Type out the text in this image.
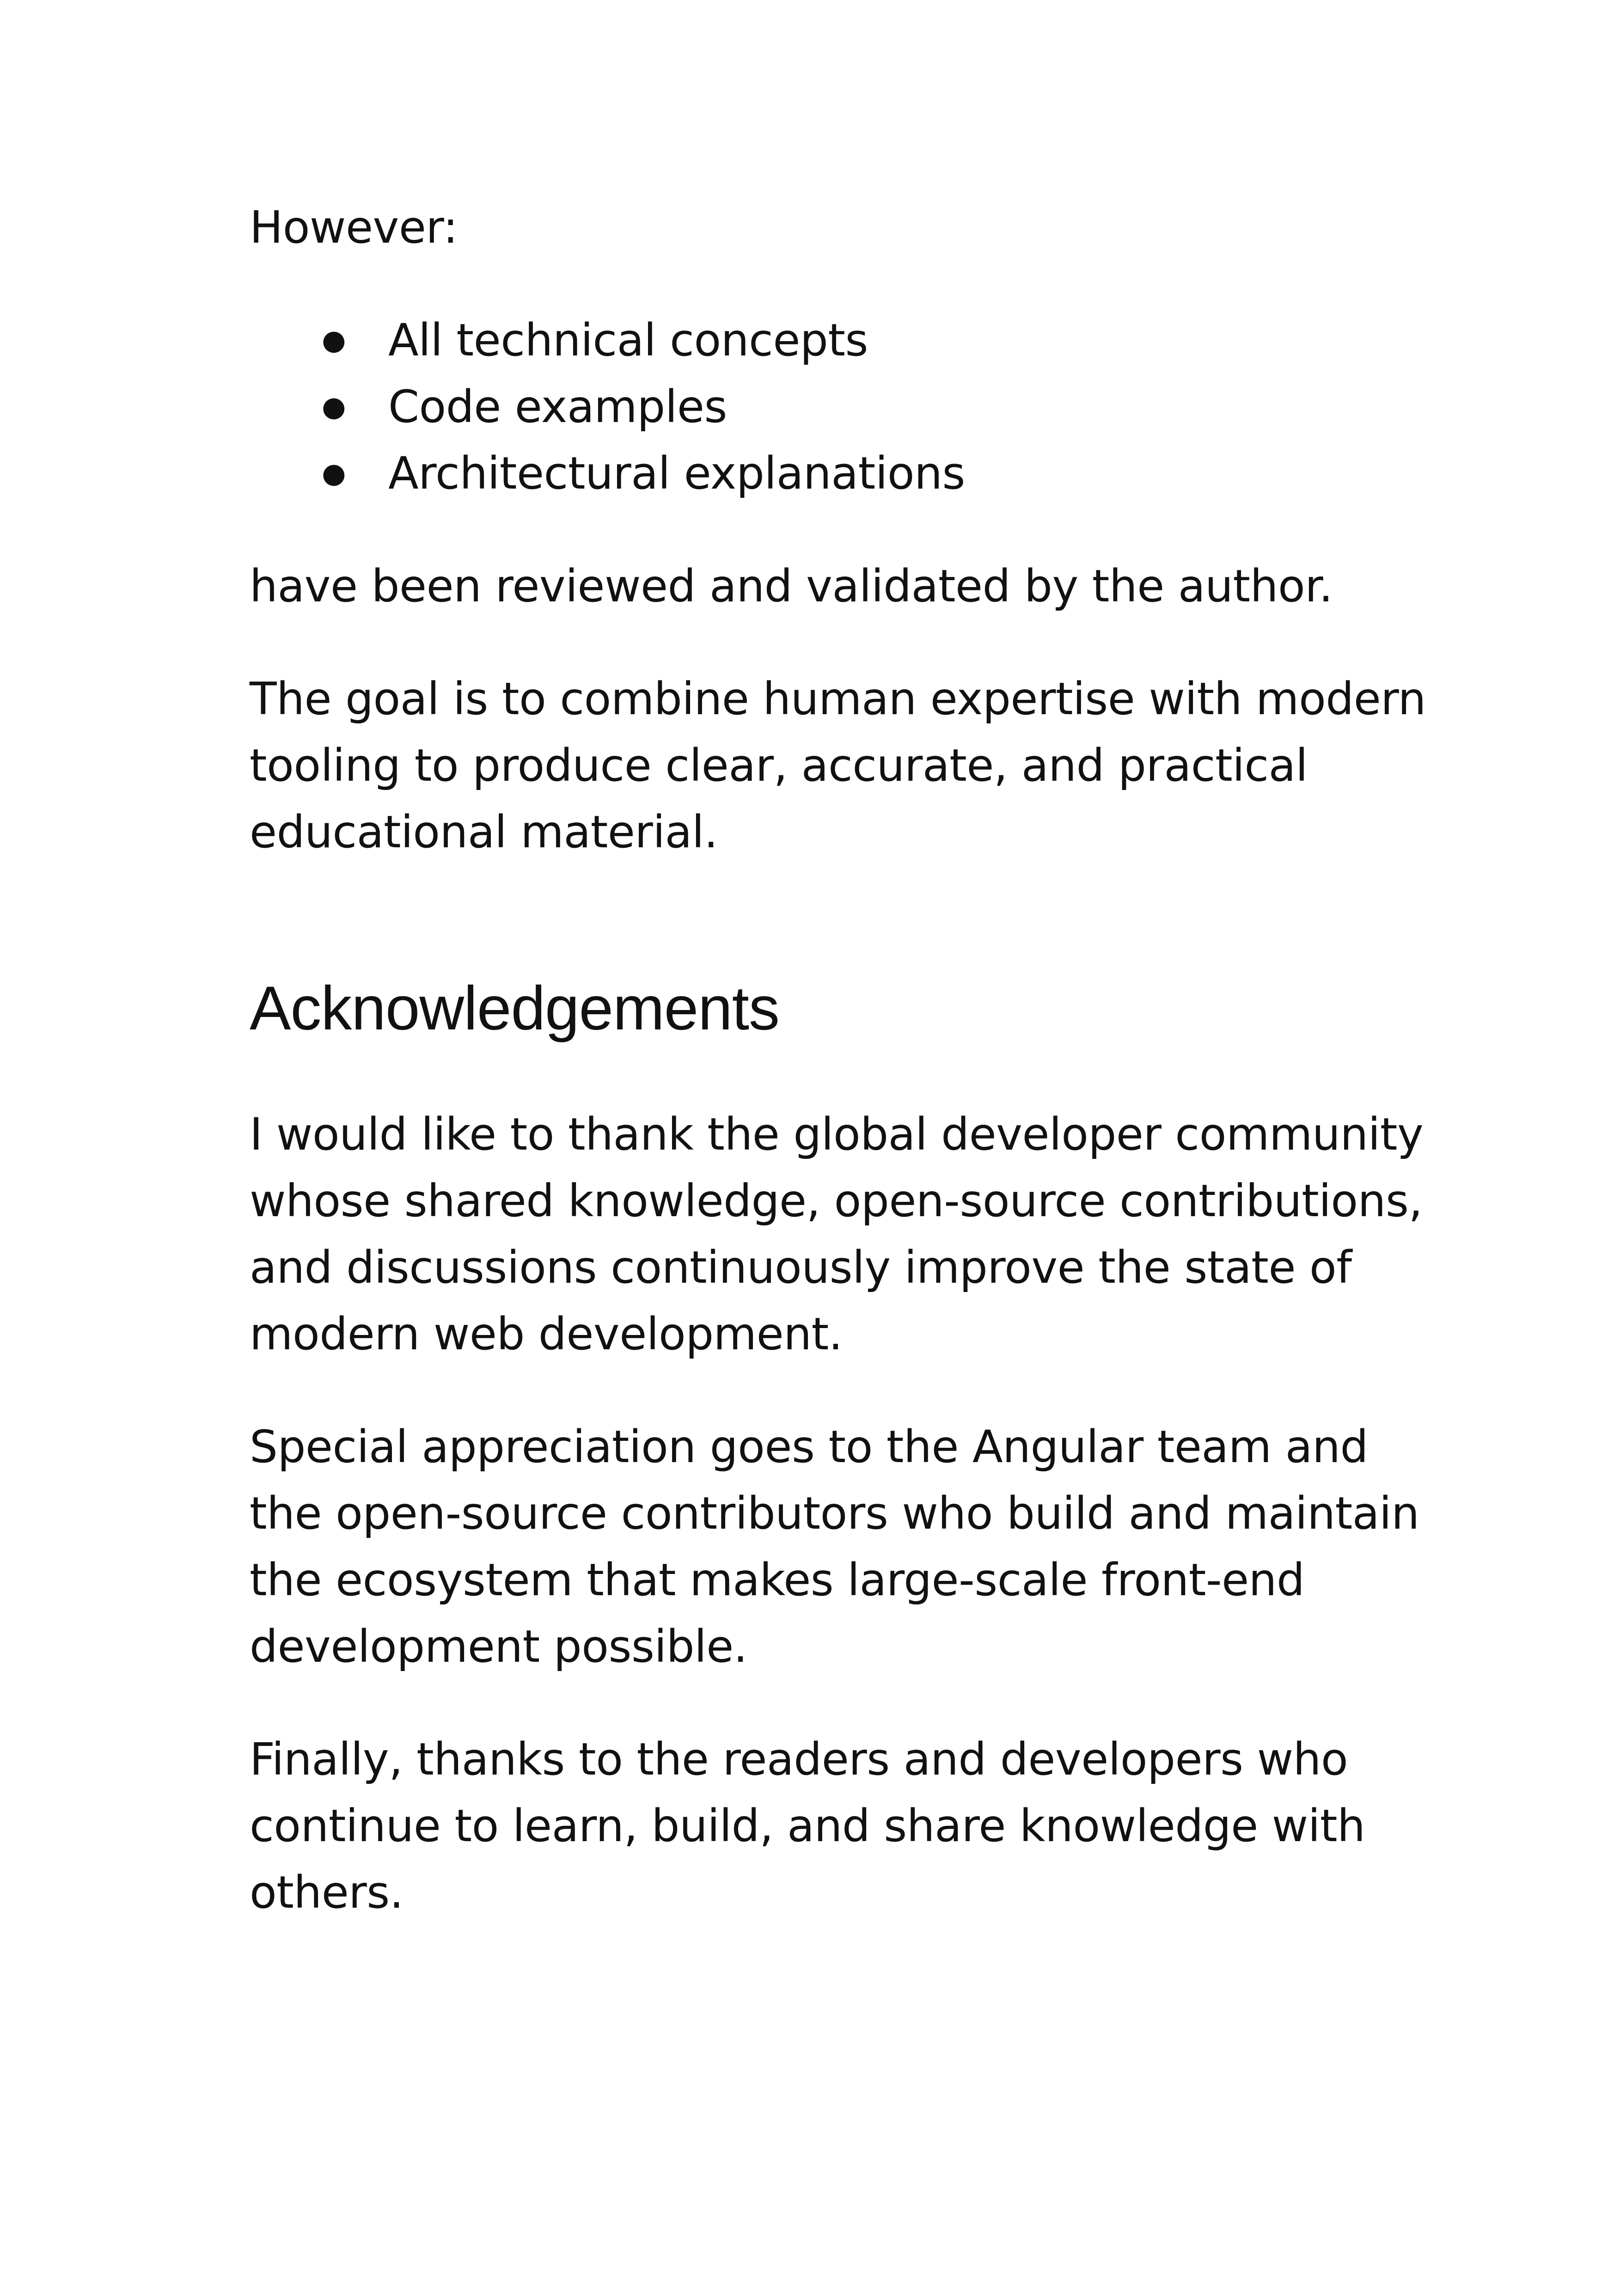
However:

● All technical concepts
● Code examples
● Architectural explanations

have been reviewed and validated by the author.

The goal is to combine human expertise with modern tooling to produce clear, accurate, and practical educational material.

Acknowledgements

I would like to thank the global developer community whose shared knowledge, open-source contributions, and discussions continuously improve the state of modern web development.

Special appreciation goes to the Angular team and the open-source contributors who build and maintain the ecosystem that makes large-scale front-end development possible.

Finally, thanks to the readers and developers who continue to learn, build, and share knowledge with others.
